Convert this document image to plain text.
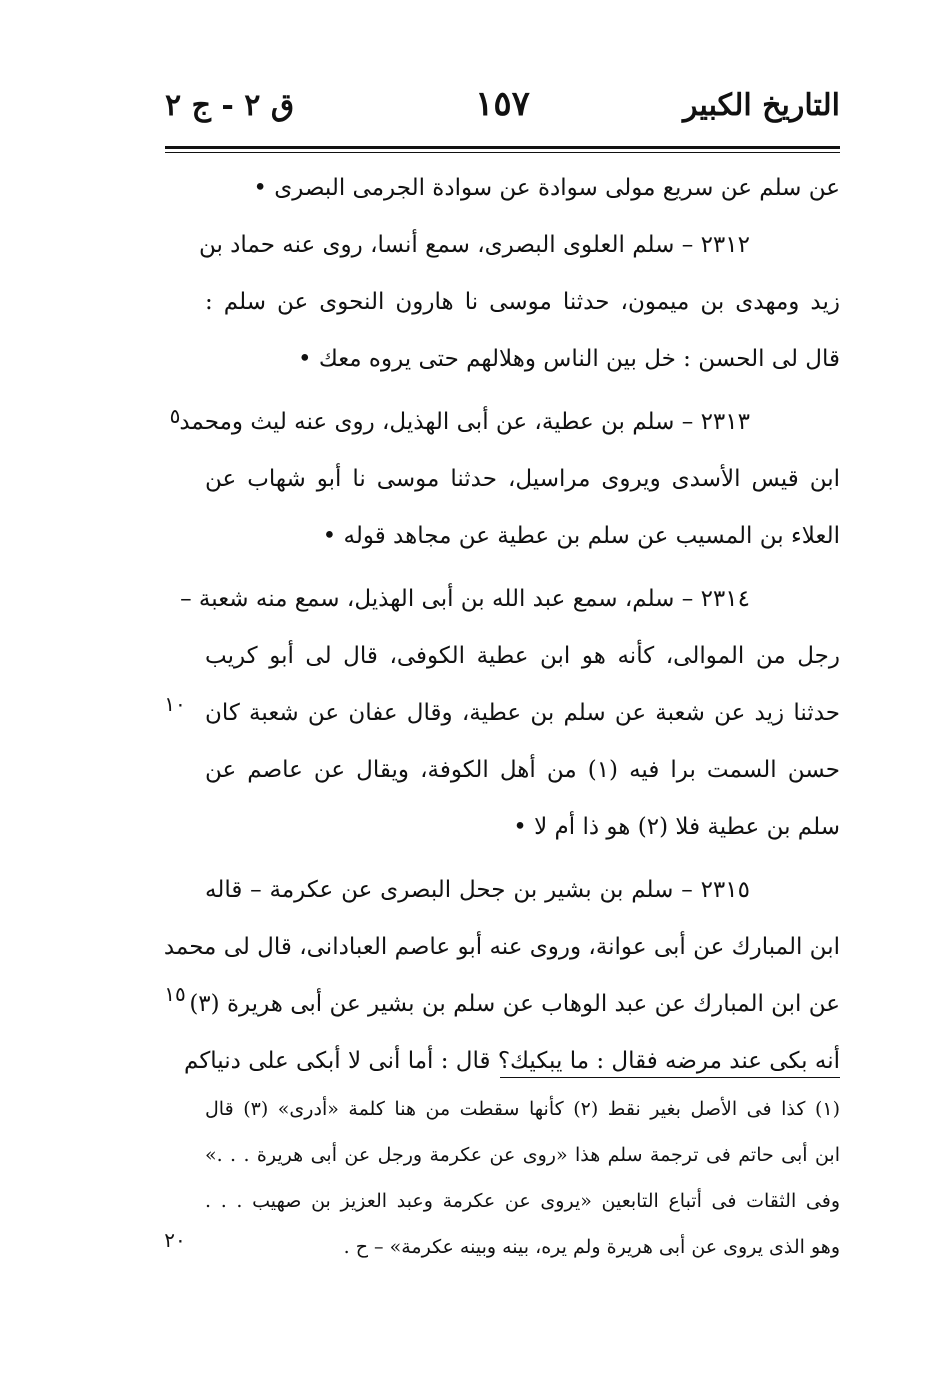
التاريخ الكبير
١٥٧
ق ٢ - ج ٢
عن سلم عن سريع مولى سوادة عن سوادة الجرمى البصرى •
٢٣١٢ – سلم العلوى البصرى، سمع أنسا، روى عنه حماد بن
زيد ومهدى بن ميمون، حدثنا موسى نا هارون النحوى عن سلم :
قال لى الحسن : خل بين الناس وهلالهم حتى يروه معك •
٢٣١٣ – سلم بن عطية، عن أبى الهذيل، روى عنه ليث ومحمد
ابن قيس الأسدى ويروى مراسيل، حدثنا موسى نا أبو شهاب عن
العلاء بن المسيب عن سلم بن عطية عن مجاهد قوله •
٢٣١٤ – سلم، سمع عبد الله بن أبى الهذيل، سمع منه شعبة –
رجل من الموالى، كأنه هو ابن عطية الكوفى، قال لى أبو كريب
حدثنا زيد عن شعبة عن سلم بن عطية، وقال عفان عن شعبة كان
حسن السمت برا فيه (١) من أهل الكوفة، ويقال عن عاصم عن
سلم بن عطية فلا (٢) هو ذا أم لا •
٢٣١٥ – سلم بن بشير بن جحل البصرى عن عكرمة – قاله
ابن المبارك عن أبى عوانة، وروى عنه أبو عاصم العبادانى، قال لى محمد
عن ابن المبارك عن عبد الوهاب عن سلم بن بشير عن أبى هريرة (٣)
أنه بكى عند مرضه فقال : ما يبكيك؟ قال : أما أنى لا أبكى على دنياكم
٥
١٠
١٥
٢٠
(١) كذا فى الأصل بغير نقط (٢) كأنها سقطت من هنا كلمة «أدرى» (٣) قال
ابن أبى حاتم فى ترجمة سلم هذا «روى عن عكرمة ورجل عن أبى هريرة . . .»
وفى الثقات فى أتباع التابعين «يروى عن عكرمة وعبد العزيز بن صهيب . . .
وهو الذى يروى عن أبى هريرة ولم يره، بينه وبينه عكرمة» – ح .
